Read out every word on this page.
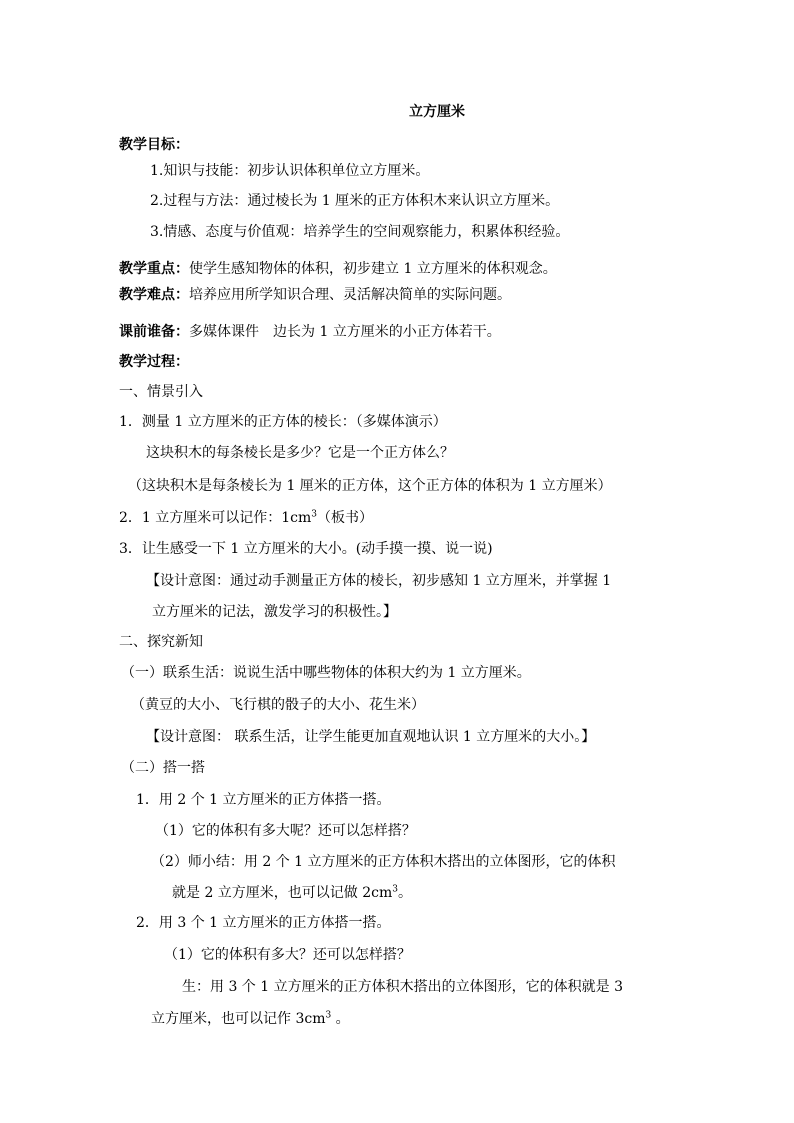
立方厘米

教学目标：

1.知识与技能：初步认识体积单位立方厘米。

2.过程与方法：通过棱长为 1 厘米的正方体积木来认识立方厘米。

3.情感、态度与价值观：培养学生的空间观察能力，积累体积经验。

教学重点：使学生感知物体的体积，初步建立 1 立方厘米的体积观念。

教学难点：培养应用所学知识合理、灵活解决简单的实际问题。

课前谁备：多媒体课件　边长为 1 立方厘米的小正方体若干。

教学过程：

一、情景引入

1．测量 1 立方厘米的正方体的棱长：（多媒体演示）

这块积木的每条棱长是多少？它是一个正方体么？

（这块积木是每条棱长为 1 厘米的正方体，这个正方体的体积为 1 立方厘米）

2．1 立方厘米可以记作：$1cm^3$（板书）

3．让生感受一下 1 立方厘米的大小。(动手摸一摸、说一说)

【设计意图：通过动手测量正方体的棱长，初步感知 1 立方厘米，并掌握 1

立方厘米的记法，激发学习的积极性。】

二、探究新知

（一）联系生活：说说生活中哪些物体的体积大约为 1 立方厘米。

（黄豆的大小、飞行棋的骰子的大小、花生米）

【设计意图： 联系生活，让学生能更加直观地认识 1 立方厘米的大小。】

（二）搭一搭

1．用 2 个 1 立方厘米的正方体搭一搭。

（1）它的体积有多大呢？还可以怎样搭？

（2）师小结：用 2 个 1 立方厘米的正方体积木搭出的立体图形，它的体积

就是 2 立方厘米，也可以记做 $2cm^3$。

2．用 3 个 1 立方厘米的正方体搭一搭。

（1）它的体积有多大？还可以怎样搭？

生：用 3 个 1 立方厘米的正方体积木搭出的立体图形，它的体积就是 3

立方厘米，也可以记作 $3cm^3$ 。
